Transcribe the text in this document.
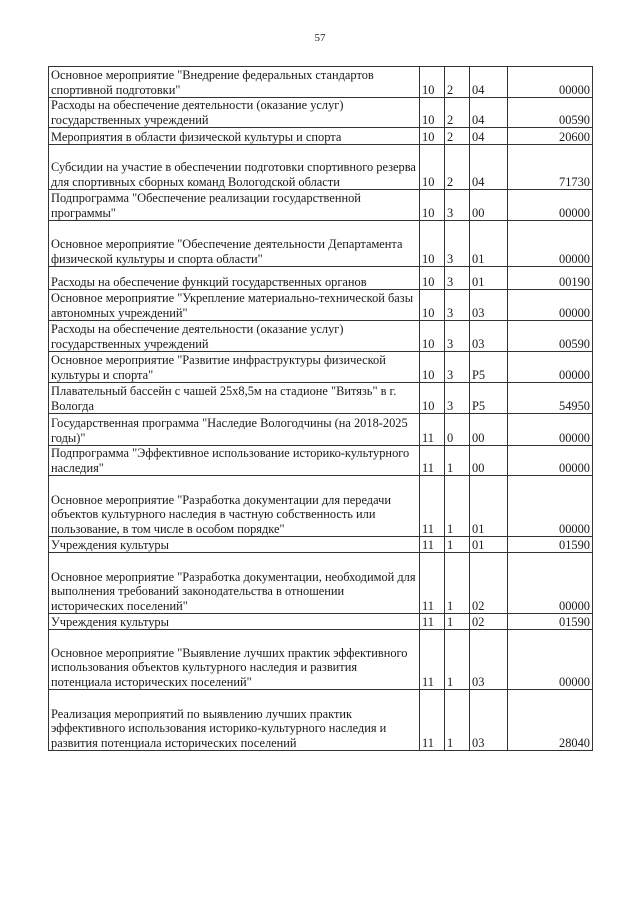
57
Основное мероприятие "Внедрение федеральных стандартов спортивной подготовки"	10	2	04	00000
Расходы на обеспечение деятельности (оказание услуг) государственных учреждений	10	2	04	00590
Мероприятия в области физической культуры и спорта	10	2	04	20600
Субсидии на участие в обеспечении подготовки спортивного резерва для спортивных сборных команд Вологодской области	10	2	04	71730
Подпрограмма "Обеспечение реализации государственной программы"	10	3	00	00000
Основное мероприятие "Обеспечение деятельности Департамента физической культуры и спорта области"	10	3	01	00000
Расходы на обеспечение функций государственных органов	10	3	01	00190
Основное мероприятие "Укрепление материально-технической базы автономных учреждений"	10	3	03	00000
Расходы на обеспечение деятельности (оказание услуг) государственных учреждений	10	3	03	00590
Основное мероприятие "Развитие инфраструктуры физической культуры и спорта"	10	3	P5	00000
Плавательный бассейн с чашей 25х8,5м на стадионе "Витязь" в г. Вологда	10	3	P5	54950
Государственная программа "Наследие Вологодчины (на 2018-2025 годы)"	11	0	00	00000
Подпрограмма "Эффективное использование историко-культурного наследия"	11	1	00	00000
Основное мероприятие "Разработка документации для передачи объектов культурного наследия в частную собственность или пользование, в том числе в особом порядке"	11	1	01	00000
Учреждения культуры	11	1	01	01590
Основное мероприятие "Разработка документации, необходимой для выполнения требований законодательства в отношении исторических поселений"	11	1	02	00000
Учреждения культуры	11	1	02	01590
Основное мероприятие "Выявление лучших практик эффективного использования объектов культурного наследия и развития потенциала исторических поселений"	11	1	03	00000
Реализация мероприятий по выявлению лучших практик эффективного использования историко-культурного наследия и развития потенциала исторических поселений	11	1	03	28040
